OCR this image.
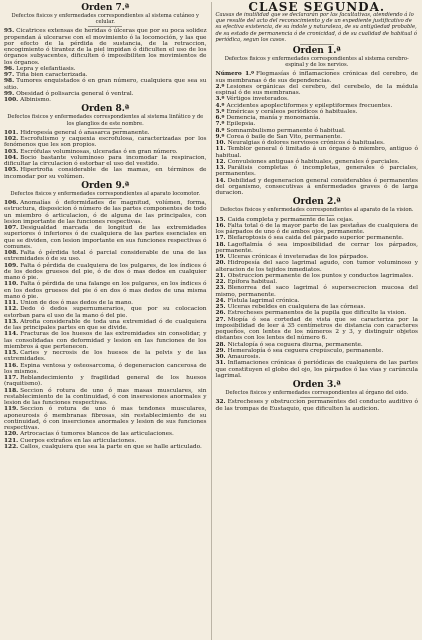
Orden 7.ª
Defectos fisicos y enfermedades correspondientes al sistema cutáneo y celular.

95. Cicatrices extensas de heridas ó úlceras que por su poca solidez propendan á ulcerarse con el movimiento ó la locomoción, y las que por efecto de la pérdida de sustancia, de la retraccion, encogimiento ó tirantez de la piel impidan ó dificulten el uso de los órganos subyacentes, dificulten ó imposibiliten los movimientos de los órganos.

96. Lepra y elefantiasis.

97. Tiña bien caracterizada.

98. Tumores enquistados ó en gran número, cualquiera que sea su sitio.

99. Obesidad ó polisarcia general ó ventral.

100. Albinismo.

Orden 8.ª
Defectos fisicos y enfermedades correspondientes al sistema linfático y de los glanglios de este nombre.

101. Hidropesía general ó anasarca permanente.

102. Escrofulismo y caquexia escrofulosa, caracterizadas por los fenómenos que les son propios.

103. Escrófulas voluminosas, ulceradas ó en gran número.

104. Bocio bastante voluminoso para incomodar la respiracion, dificultar la circulacion ó estorbar el uso del vestido.

105. Hipertrofia considerable de las mamas, en términos de incomodar por su volúmen.

Orden 9.ª
Defectos fisicos y enfermedades correspondientes al aparato locomotor.

106. Anomalías ó deformidades de magnitud, volúmen, forma, estructura, disposicion ó número de las partes componentes de todo un miembro ó articulacion, ó de alguna de las principales, con lesion importante de las funciones respectivas.

107. Desigualdad marcada de longitud de las extremidades superiores ó inferiores ó de cualquiera de las partes esenciales en que se dividen, con lesion importante en sus funciones respectivas ó comunes.

108. Falta ó pérdida total ó parcial considerable de una de las extremidades ó de su uso.

109. Falta ó pérdida de cualquiera de los pulgares, de los índices ó de los dedos gruesos del pie, ó de dos ó mas dedos en cualquier mano ó pie.

110. Falta ó pérdida de una falange en los pulgares, en los índices ó en los dedos gruesos del pie ó en dos ó mas dedos de una misma mano ó pie.

111. Union de dos ó mas dedos de la mano.

112. Dedo ó dedos supernumerarios, que por su colocacion estorban para el uso de la mano ó del pie.

113. Atrofia considerable de toda una extremidad ó de cualquiera de las principales partes en que se divide.

114. Fracturas de los huesos de las extremidades sin consolidar, y las consolidadas con deformidad y lesion en las funciones de los miembros á que pertenecen.

115. Caries y necrosis de los huesos de la pelvis y de las extremidades.

116. Espina ventosa y osteosarcoma, ó degeneracion cancerosa de los mismos.

117. Reblandecimiento y fragilidad general de los huesos (raquitismo).

118. Seccion ó rotura de uno ó mas masas musculares, sin restablecimiento de la continuidad, ó con inseresiones anormales y lesion de las funciones respectivas.

119. Seccion ó rotura de uno ó mas tendones musculares, aponeurosis ó membranas fibrosas, sin restablecimiento de su continuidad, ó con inserciones anormales y lesion de sus funciones respectivas.

120. Artrocacias ó tumores blancos de las articulaciones.

121. Cuerpos extraños en las articulaciones.

122. Callos, cualquiera que sea la parte en que se halle articulado.

CLASE SEGUNDA.
Causas de inutilidad que se declararán por las facultativas, atendiendo á lo que resulte del acto del reconocimiento y de un expediente justificativo de su efectiva existencia, de su índole y naturaleza, de su antigüedad probable, de su estado de permanencia ó de cronicidad, ó de su cualidad de habitual ó periódica, segun los casos.
Orden 1.ª
Defectos fisicos y enfermedades correspondientes al sistema cerebro-espinal y de los nervios.

Número 1.º Flegmasías ó inflamaciones crónicas del cerebro, de sus membranas ó de sus dependencias.

2.º Lesiones orgánicas del cerebro, del cerebelo, de la médula espinal ó de sus membranas.

3.º Vértigos inveterados.

4.º Accidentes apoplectiformes y epileptiformes frecuentes.

5.º Eméricas y ceráleos periódicos ó habituales.

6.º Demencia, manía y monomanía.

7.º Epilepsia.

8.º Somnambulismo permanente ó habitual.

9.º Corea ó baile de San Vito, permanente.

10. Neuralgias ó dolores nerviosos crónicos ó habituales.

11. Temblor general ó limitado á un órgano ó miembro, antiguo ó habitual.

12. Convulsiones antiguas ó habituales, generales ó parciales.

13. Parálisis completas ó incompletas, generales ó parciales, permanentes.

14. Debilidad y degeneracion general considerables ó permanentes del organismo, consecutivas á enfermedades graves ó de larga duracion.

Orden 2.ª
Defectos fisicos y enfermedades correspondientes al aparato de la vision.

15. Caida completa y permanente de las cejas.

16. Falta total ó de la mayor parte de las pestañas de cualquiera de los párpados de uno ó de ambos ojos, permanente.

17. Blefaroptosis ó sea caida del párpado superior permanente.

18. Lagoftalmía ó sea imposibilidad de cerrar los párpados, permanente.

19. Ulceras crónicas é inveteradas de los párpados.

20. Hidropesía del saco lagrimal agudo, con tumor voluminoso y alteracion de los tejidos inmediatos.

21. Obstruccion permanente de los puntos y conductos lagrimales.

22. Epífora habitual.

23. Blenorrea del saco lagrimal ó supersecrecion mucosa del mismo, permanente.

24. Fístula lagrimal crónica.

25. Ulceras rebeldes en cualquiera de las córneas.

26. Estrecheses permanentes de la pupila que dificulte la vision.

27. Miopía ó sea cortedad de vista que se caracteriza por la imposibilidad de leer á 35 centímetros de distancia con caracteres pequeños, con lentes de los números 2 y 3, y distinguir objetos distantes con los lentes del número 6.

28. Nictalopía ó sea ceguera diurna, permanente.

29. Hemeralopía ó sea ceguera crepúsculo, permanente.

30. Amaurosis.

31. Inflamaciones crónicas ó periódicas de cualquiera de las partes que constituyen el globo del ojo, los párpados ó las vias y carúncula lagrimal.

Orden 3.ª
Defectos fisicos y enfermedades correspondientes al órgano del oido.

32. Estrecheses y obstruccion permanentes del conducto auditivo ó de las trompas de Eustaquio, que dificulten la audicion.
